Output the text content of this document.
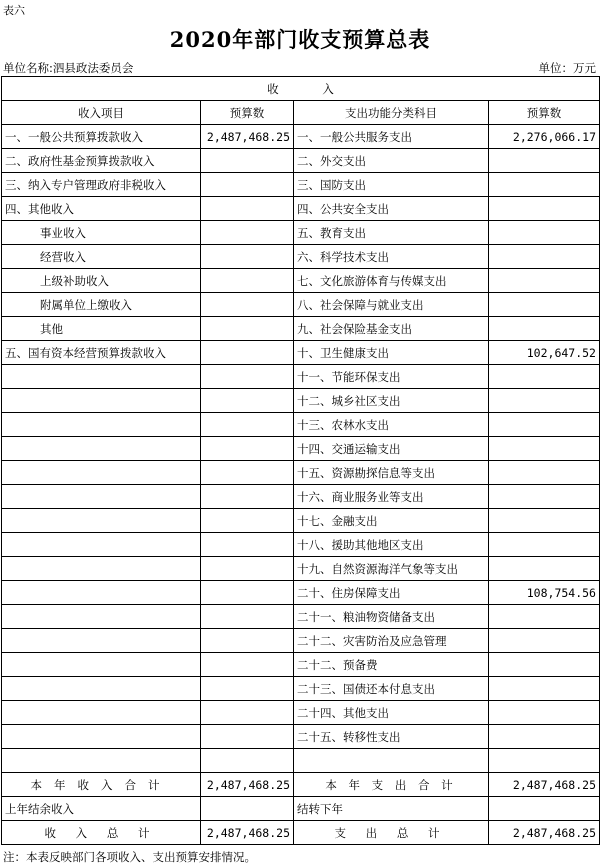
表六
2020年部门收支预算总表
单位名称:泗县政法委员会	单位：万元
收            入			
收入项目	预算数	支出功能分类科目	预算数
一、一般公共预算拨款收入	2,487,468.25	一、一般公共服务支出	2,276,066.17
二、政府性基金预算拨款收入		二、外交支出	
三、纳入专户管理政府非税收入		三、国防支出	
四、其他收入		四、公共安全支出	
事业收入		五、教育支出	
经营收入		六、科学技术支出	
上级补助收入		七、文化旅游体育与传媒支出	
附属单位上缴收入		八、社会保障与就业支出	
其他		九、社会保险基金支出	
五、国有资本经营预算拨款收入		十、卫生健康支出	102,647.52
		十一、节能环保支出	
		十二、城乡社区支出	
		十三、农林水支出	
		十四、交通运输支出	
		十五、资源勘探信息等支出	
		十六、商业服务业等支出	
		十七、金融支出	
		十八、援助其他地区支出	
		十九、自然资源海洋气象等支出	
		二十、住房保障支出	108,754.56
		二十一、粮油物资储备支出	
		二十二、灾害防治及应急管理	
		二十二、预备费	
		二十三、国债还本付息支出	
		二十四、其他支出	
		二十五、转移性支出	

本年收入合计	2,487,468.25	本 年 支 出 合 计	2,487,468.25
上年结余收入		结转下年	
收 入 总 计	2,487,468.25	支 出 总 计	2,487,468.25
注：本表反映部门各项收入、支出预算安排情况。
